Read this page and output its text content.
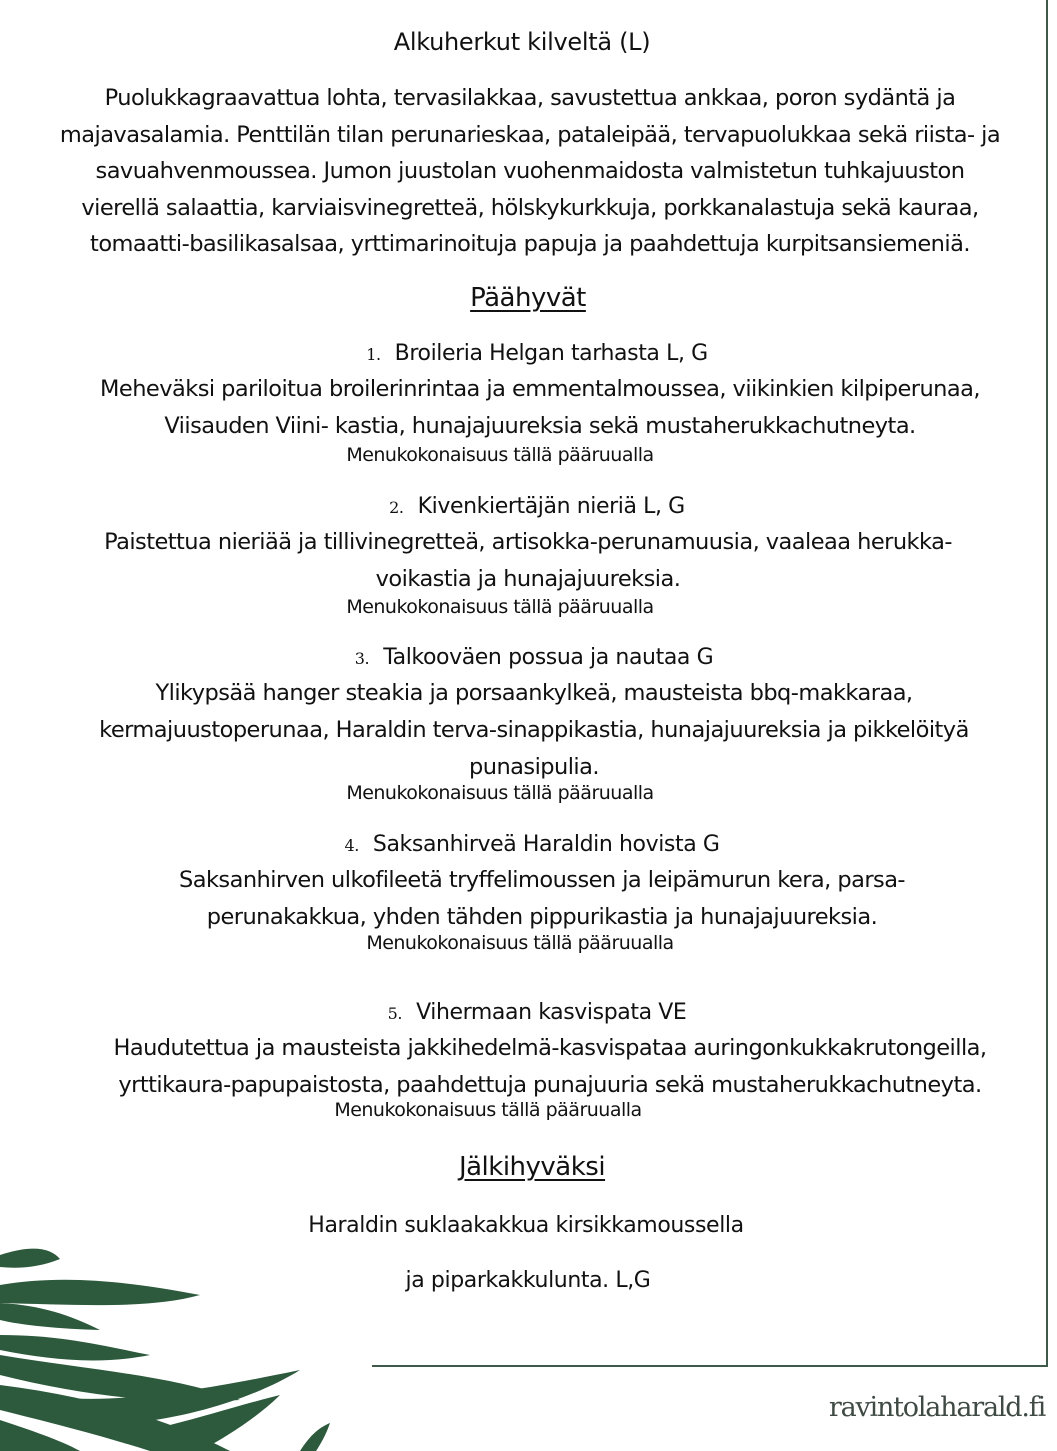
Alkuherkut kilveltä (L)
Puolukkagraavattua lohta, tervasilakkaa, savustettua ankkaa, poron sydäntä ja
majavasalamia. Penttilän tilan perunarieskaa, pataleipää, tervapuolukkaa sekä riista- ja
savuahvenmoussea. Jumon juustolan vuohenmaidosta valmistetun tuhkajuuston
vierellä salaattia, karviaisvinegretteä, hölskykurkkuja, porkkanalastuja sekä kauraa,
tomaatti-basilikasalsaa, yrttimarinoituja papuja ja paahdettuja kurpitsansiemeniä.
Päähyvät
1. Broileria Helgan tarhasta L, G
Meheväksi pariloitua broilerinrintaa ja emmentalmoussea, viikinkien kilpiperunaa,
Viisauden Viini- kastia, hunajajuureksia sekä mustaherukkachutneyta.
Menukokonaisuus tällä pääruualla
2. Kivenkiertäjän nieriä L, G
Paistettua nieriää ja tillivinegretteä, artisokka-perunamuusia, vaaleaa herukka-
voikastia ja hunajajuureksia.
Menukokonaisuus tällä pääruualla
3. Talkooväen possua ja nautaa G
Ylikypsää hanger steakia ja porsaankylkeä, mausteista bbq-makkaraa,
kermajuustoperunaa, Haraldin terva-sinappikastia, hunajajuureksia ja pikkelöityä
punasipulia.
Menukokonaisuus tällä pääruualla
4. Saksanhirveä Haraldin hovista G
Saksanhirven ulkofileetä tryffelimoussen ja leipämurun kera, parsa-
perunakakkua, yhden tähden pippurikastia ja hunajajuureksia.
Menukokonaisuus tällä pääruualla
5. Vihermaan kasvispata VE
Haudutettua ja mausteista jakkihedelmä-kasvispataa auringonkukkakrutongeilla,
yrttikaura-papupaistosta, paahdettuja punajuuria sekä mustaherukkachutneyta.
Menukokonaisuus tällä pääruualla
Jälkihyväksi
Haraldin suklaakakkua kirsikkamoussella
ja piparkakkulunta. L,G
ravintolaharald.fi
